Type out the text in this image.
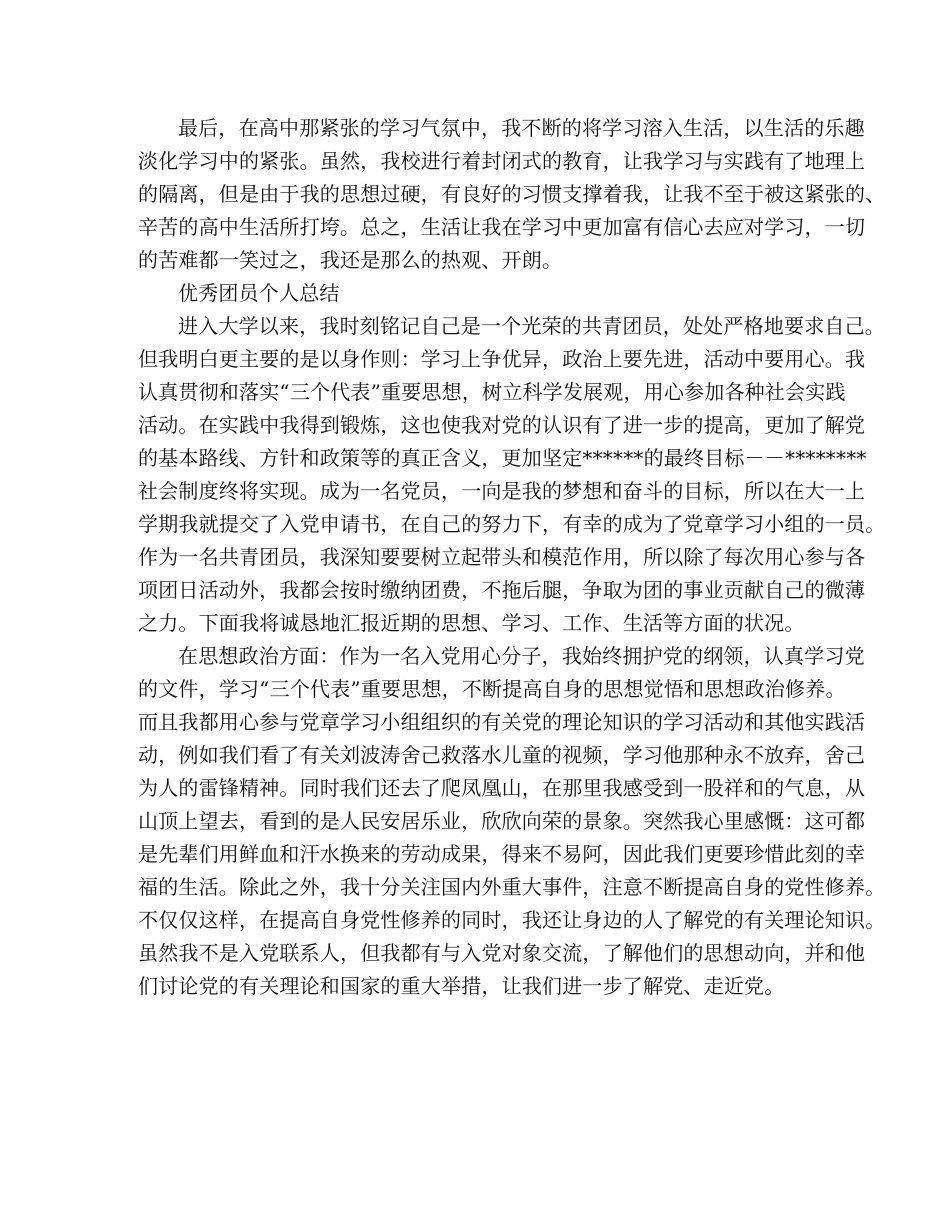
最后，在高中那紧张的学习气氛中，我不断的将学习溶入生活，以生活的乐趣
淡化学习中的紧张。虽然，我校进行着封闭式的教育，让我学习与实践有了地理上
的隔离，但是由于我的思想过硬，有良好的习惯支撑着我，让我不至于被这紧张的、
辛苦的高中生活所打垮。总之，生活让我在学习中更加富有信心去应对学习，一切
的苦难都一笑过之，我还是那么的热观、开朗。
优秀团员个人总结
进入大学以来，我时刻铭记自己是一个光荣的共青团员，处处严格地要求自己。
但我明白更主要的是以身作则：学习上争优异，政治上要先进，活动中要用心。我
认真贯彻和落实“三个代表”重要思想，树立科学发展观，用心参加各种社会实践
活动。在实践中我得到锻炼，这也使我对党的认识有了进一步的提高，更加了解党
的基本路线、方针和政策等的真正含义，更加坚定******的最终目标－－********
社会制度终将实现。成为一名党员，一向是我的梦想和奋斗的目标，所以在大一上
学期我就提交了入党申请书，在自己的努力下，有幸的成为了党章学习小组的一员。
作为一名共青团员，我深知要要树立起带头和模范作用，所以除了每次用心参与各
项团日活动外，我都会按时缴纳团费，不拖后腿，争取为团的事业贡献自己的微薄
之力。下面我将诚恳地汇报近期的思想、学习、工作、生活等方面的状况。
在思想政治方面：作为一名入党用心分子，我始终拥护党的纲领，认真学习党
的文件，学习“三个代表”重要思想，不断提高自身的思想觉悟和思想政治修养。
而且我都用心参与党章学习小组组织的有关党的理论知识的学习活动和其他实践活
动，例如我们看了有关刘波涛舍己救落水儿童的视频，学习他那种永不放弃，舍己
为人的雷锋精神。同时我们还去了爬凤凰山，在那里我感受到一股祥和的气息，从
山顶上望去，看到的是人民安居乐业，欣欣向荣的景象。突然我心里感慨：这可都
是先辈们用鲜血和汗水换来的劳动成果，得来不易阿，因此我们更要珍惜此刻的幸
福的生活。除此之外，我十分关注国内外重大事件，注意不断提高自身的党性修养。
不仅仅这样，在提高自身党性修养的同时，我还让身边的人了解党的有关理论知识。
虽然我不是入党联系人，但我都有与入党对象交流，了解他们的思想动向，并和他
们讨论党的有关理论和国家的重大举措，让我们进一步了解党、走近党。
